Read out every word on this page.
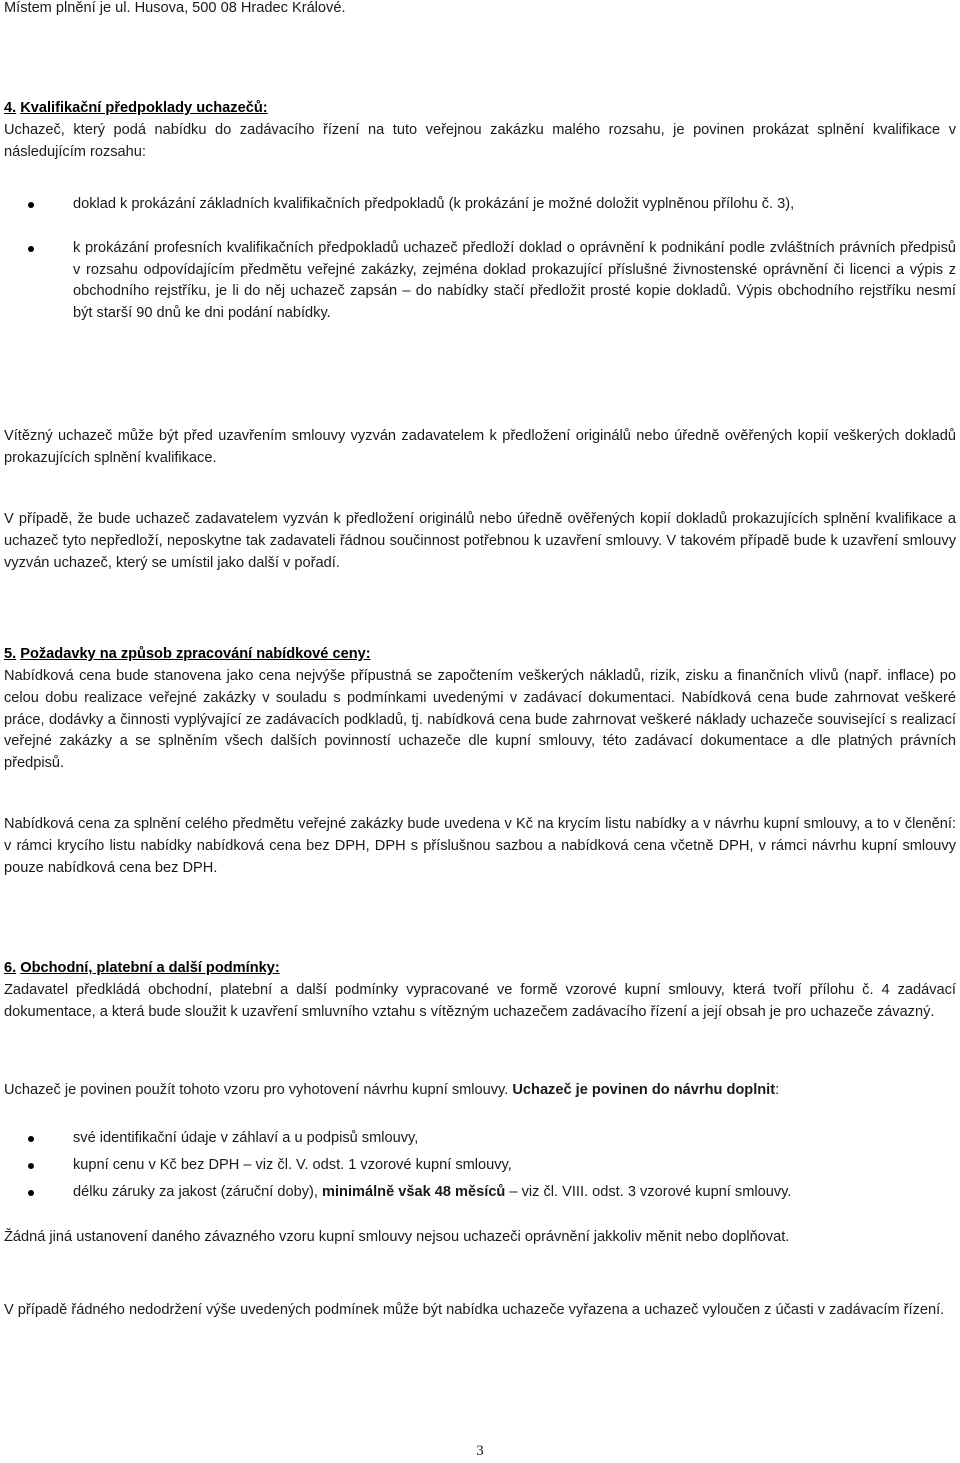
Místem plnění je ul. Husova, 500 08 Hradec Králové.

4. Kvalifikační předpoklady uchazečů:

Uchazeč, který podá nabídku do zadávacího řízení na tuto veřejnou zakázku malého rozsahu, je povinen prokázat splnění kvalifikace v následujícím rozsahu:

doklad k prokázání základních kvalifikačních předpokladů (k prokázání je možné doložit vyplněnou přílohu č. 3),
k prokázání profesních kvalifikačních předpokladů uchazeč předloží doklad o oprávnění k podnikání podle zvláštních právních předpisů v rozsahu odpovídajícím předmětu veřejné zakázky, zejména doklad prokazující příslušné živnostenské oprávnění či licenci a výpis z obchodního rejstříku, je li do něj uchazeč zapsán – do nabídky stačí předložit prosté kopie dokladů. Výpis obchodního rejstříku nesmí být starší 90 dnů ke dni podání nabídky.

Vítězný uchazeč může být před uzavřením smlouvy vyzván zadavatelem k předložení originálů nebo úředně ověřených kopií veškerých dokladů prokazujících splnění kvalifikace.

V případě, že bude uchazeč zadavatelem vyzván k předložení originálů nebo úředně ověřených kopií dokladů prokazujících splnění kvalifikace a uchazeč tyto nepředloží, neposkytne tak zadavateli řádnou součinnost potřebnou k uzavření smlouvy. V takovém případě bude k uzavření smlouvy vyzván uchazeč, který se umístil jako další v pořadí.

5. Požadavky na způsob zpracování nabídkové ceny:

Nabídková cena bude stanovena jako cena nejvýše přípustná se započtením veškerých nákladů, rizik, zisku a finančních vlivů (např. inflace) po celou dobu realizace veřejné zakázky v souladu s podmínkami uvedenými v zadávací dokumentaci. Nabídková cena bude zahrnovat veškeré práce, dodávky a činnosti vyplývající ze zadávacích podkladů, tj. nabídková cena bude zahrnovat veškeré náklady uchazeče související s realizací veřejné zakázky a se splněním všech dalších povinností uchazeče dle kupní smlouvy, této zadávací dokumentace a dle platných právních předpisů.

Nabídková cena za splnění celého předmětu veřejné zakázky bude uvedena v Kč na krycím listu nabídky a v návrhu kupní smlouvy, a to v členění: v rámci krycího listu nabídky nabídková cena bez DPH, DPH s příslušnou sazbou a nabídková cena včetně DPH, v rámci návrhu kupní smlouvy pouze nabídková cena bez DPH.

6. Obchodní, platební a další podmínky:

Zadavatel předkládá obchodní, platební a další podmínky vypracované ve formě vzorové kupní smlouvy, která tvoří přílohu č. 4 zadávací dokumentace, a která bude sloužit k uzavření smluvního vztahu s vítězným uchazečem zadávacího řízení a její obsah je pro uchazeče závazný.

Uchazeč je povinen použít tohoto vzoru pro vyhotovení návrhu kupní smlouvy. Uchazeč je povinen do návrhu doplnit:

své identifikační údaje v záhlaví a u podpisů smlouvy,
kupní cenu v Kč bez DPH – viz čl. V. odst. 1 vzorové kupní smlouvy,
délku záruky za jakost (záruční doby), minimálně však 48 měsíců – viz čl. VIII. odst. 3 vzorové kupní smlouvy.

Žádná jiná ustanovení daného závazného vzoru kupní smlouvy nejsou uchazeči oprávnění jakkoliv měnit nebo doplňovat.

V případě řádného nedodržení výše uvedených podmínek může být nabídka uchazeče vyřazena a uchazeč vyloučen z účasti v zadávacím řízení.

3
